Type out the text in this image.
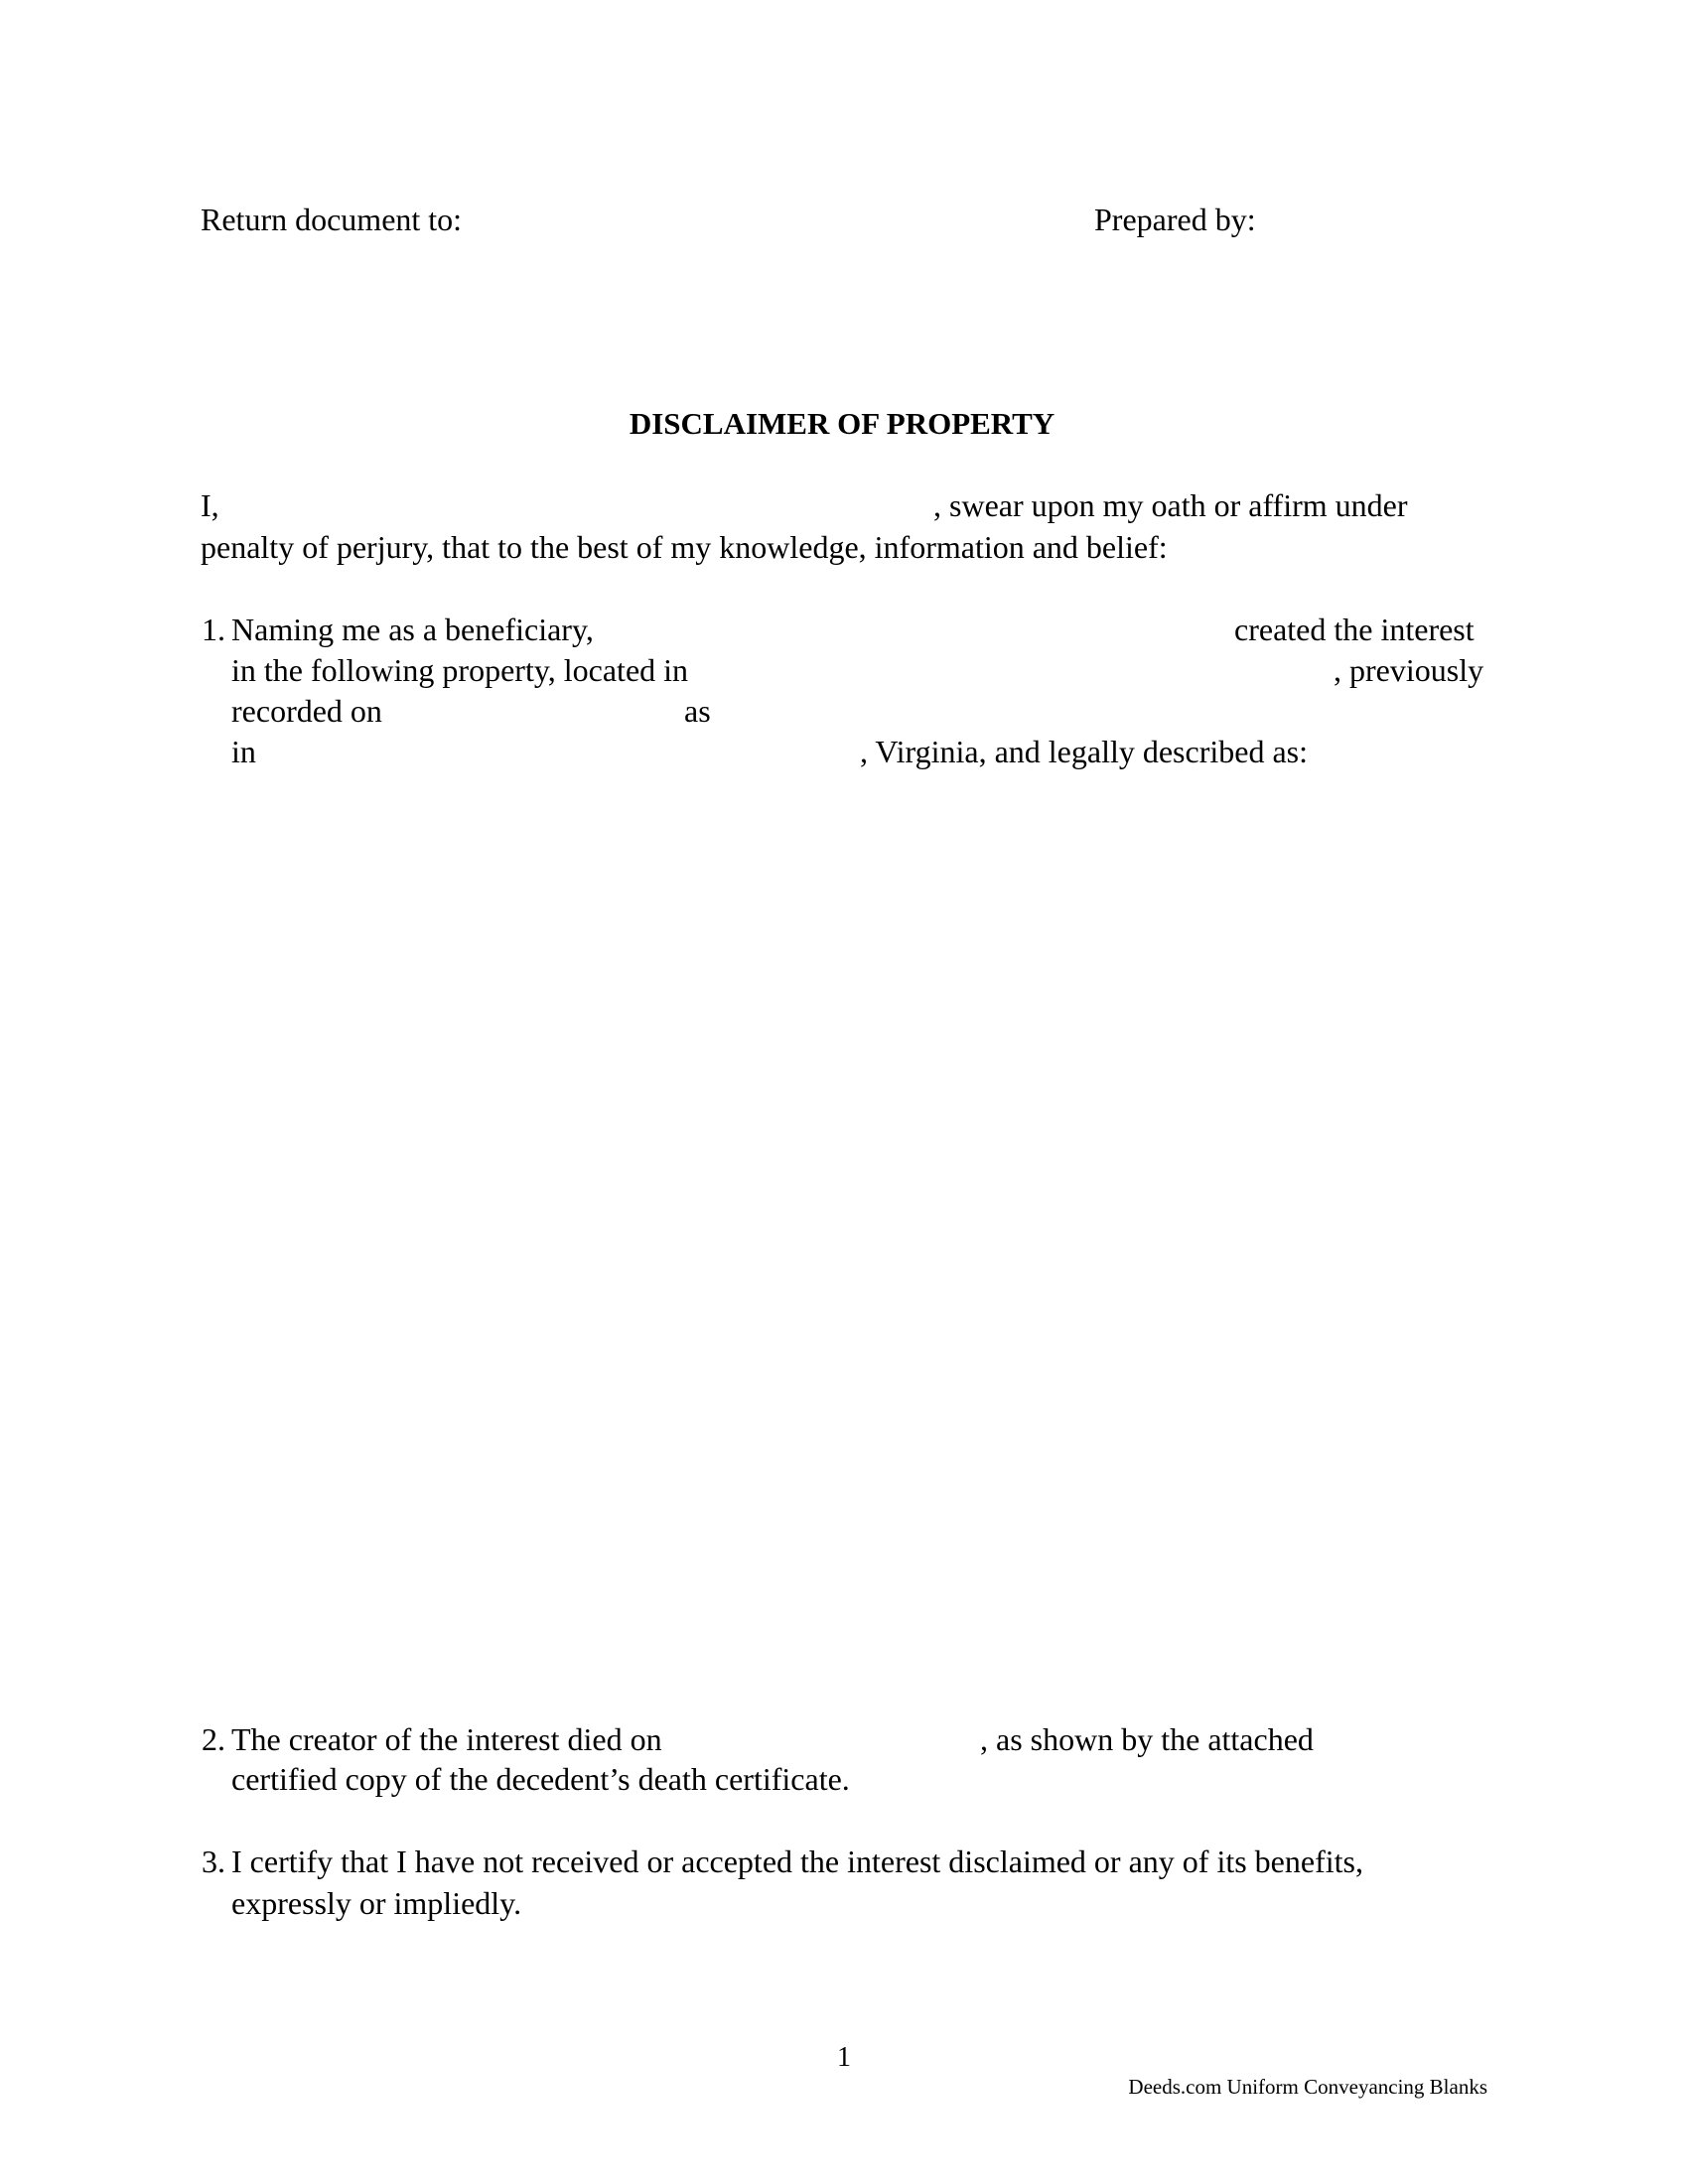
Return document to:	Prepared by:
DISCLAIMER OF PROPERTY
I,	, swear upon my oath or affirm under
penalty of perjury, that to the best of my knowledge, information and belief:
1. Naming me as a beneficiary,	created the interest
in the following property, located in	, previously
recorded on	as
in	, Virginia, and legally described as:
2. The creator of the interest died on	, as shown by the attached
certified copy of the decedent’s death certificate.
3. I certify that I have not received or accepted the interest disclaimed or any of its benefits,
expressly or impliedly.
1
Deeds.com Uniform Conveyancing Blanks
